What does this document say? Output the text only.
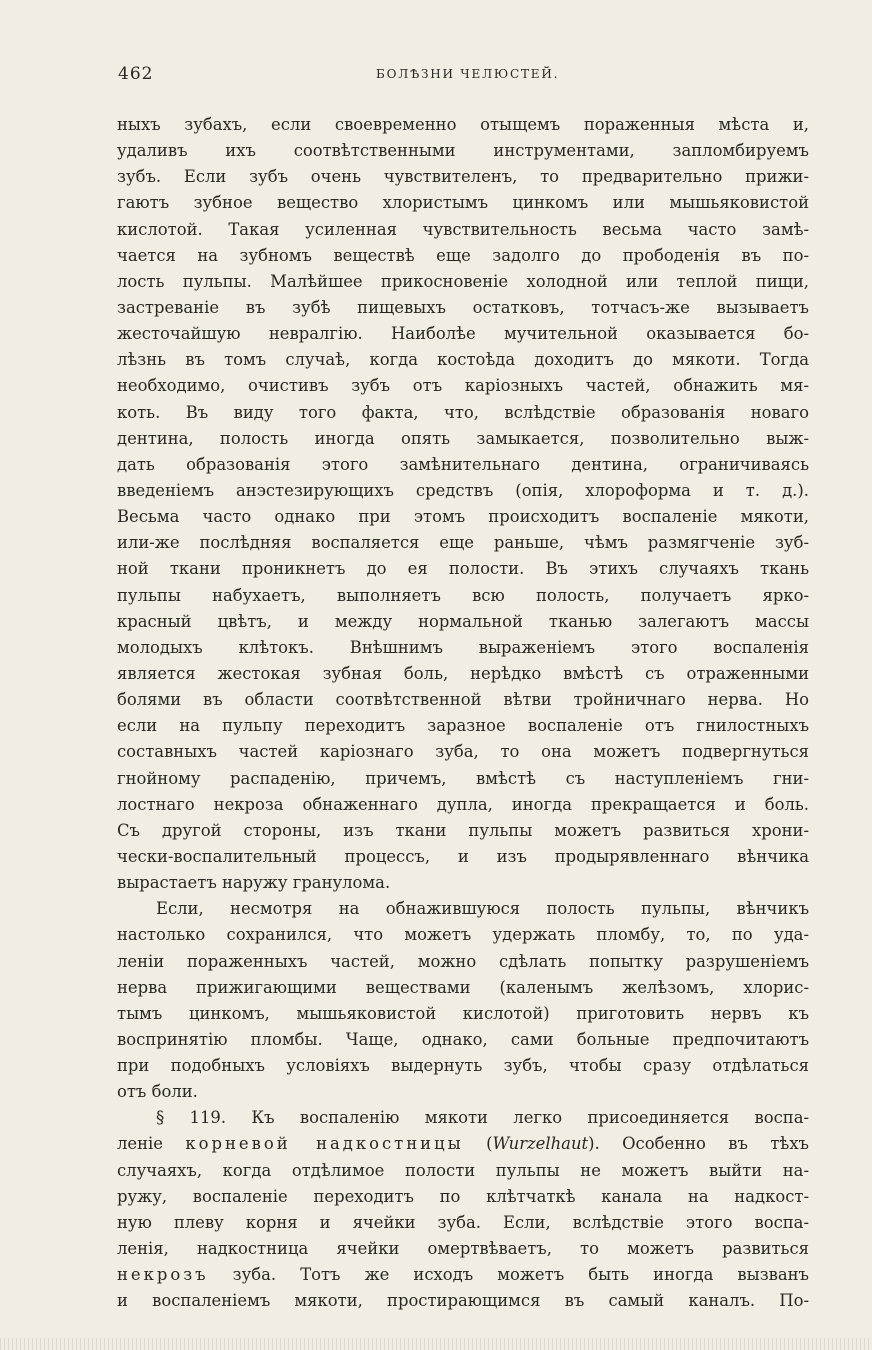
462	БОЛѢЗНИ ЧЕЛЮСТЕЙ.
ныхъ зубахъ, если своевременно отыщемъ пораженныя мѣста и,
удаливъ ихъ соотвѣтственными инструментами, запломбируемъ
зубъ. Если зубъ очень чувствителенъ, то предварительно прижи-
гаютъ зубное вещество хлористымъ цинкомъ или мышьяковистой
кислотой. Такая усиленная чувствительность весьма часто замѣ-
чается на зубномъ веществѣ еще задолго до прободенія въ по-
лость пульпы. Малѣйшее прикосновеніе холодной или теплой пищи,
застреваніе въ зубѣ пищевыхъ остатковъ, тотчасъ-же вызываетъ
жесточайшую невралгію. Наиболѣе мучительной оказывается бо-
лѣзнь въ томъ случаѣ, когда костоѣда доходитъ до мякоти. Тогда
необходимо, очистивъ зубъ отъ каріозныхъ частей, обнажить мя-
коть. Въ виду того факта, что, вслѣдствіе образованія новаго
дентина, полость иногда опять замыкается, позволительно выж-
дать образованія этого замѣнительнаго дентина, ограничиваясь
введеніемъ анэстезирующихъ средствъ (опія, хлороформа и т. д.).
Весьма часто однако при этомъ происходитъ воспаленіе мякоти,
или-же послѣдняя воспаляется еще раньше, чѣмъ размягченіе зуб-
ной ткани проникнетъ до ея полости. Въ этихъ случаяхъ ткань
пульпы набухаетъ, выполняетъ всю полость, получаетъ ярко-
красный цвѣтъ, и между нормальной тканью залегаютъ массы
молодыхъ клѣтокъ. Внѣшнимъ выраженіемъ этого воспаленія
является жестокая зубная боль, нерѣдко вмѣстѣ съ отраженными
болями въ области соотвѣтственной вѣтви тройничнаго нерва. Но
если на пульпу переходитъ заразное воспаленіе отъ гнилостныхъ
составныхъ частей каріознаго зуба, то она можетъ подвергнуться
гнойному распаденію, причемъ, вмѣстѣ съ наступленіемъ гни-
лостнаго некроза обнаженнаго дупла, иногда прекращается и боль.
Съ другой стороны, изъ ткани пульпы можетъ развиться хрони-
чески-воспалительный процессъ, и изъ продырявленнаго вѣнчика
вырастаетъ наружу гранулома.
Если, несмотря на обнажившуюся полость пульпы, вѣнчикъ
настолько сохранился, что можетъ удержать пломбу, то, по уда-
леніи пораженныхъ частей, можно сдѣлать попытку разрушеніемъ
нерва прижигающими веществами (каленымъ желѣзомъ, хлорис-
тымъ цинкомъ, мышьяковистой кислотой) приготовить нервъ къ
воспринятію пломбы. Чаще, однако, сами больные предпочитаютъ
при подобныхъ условіяхъ выдернуть зубъ, чтобы сразу отдѣлаться
отъ боли.
§ 119. Къ воспаленію мякоти легко присоединяется воспа-
леніе корневой надкостницы (Wurzelhaut). Особенно въ тѣхъ
случаяхъ, когда отдѣлимое полости пульпы не можетъ выйти на-
ружу, воспаленіе переходитъ по клѣтчаткѣ канала на надкост-
ную плеву корня и ячейки зуба. Если, вслѣдствіе этого воспа-
ленія, надкостница ячейки омертвѣваетъ, то можетъ развиться
некрозъ зуба. Тотъ же исходъ можетъ быть иногда вызванъ
и воспаленіемъ мякоти, простирающимся въ самый каналъ. По-
